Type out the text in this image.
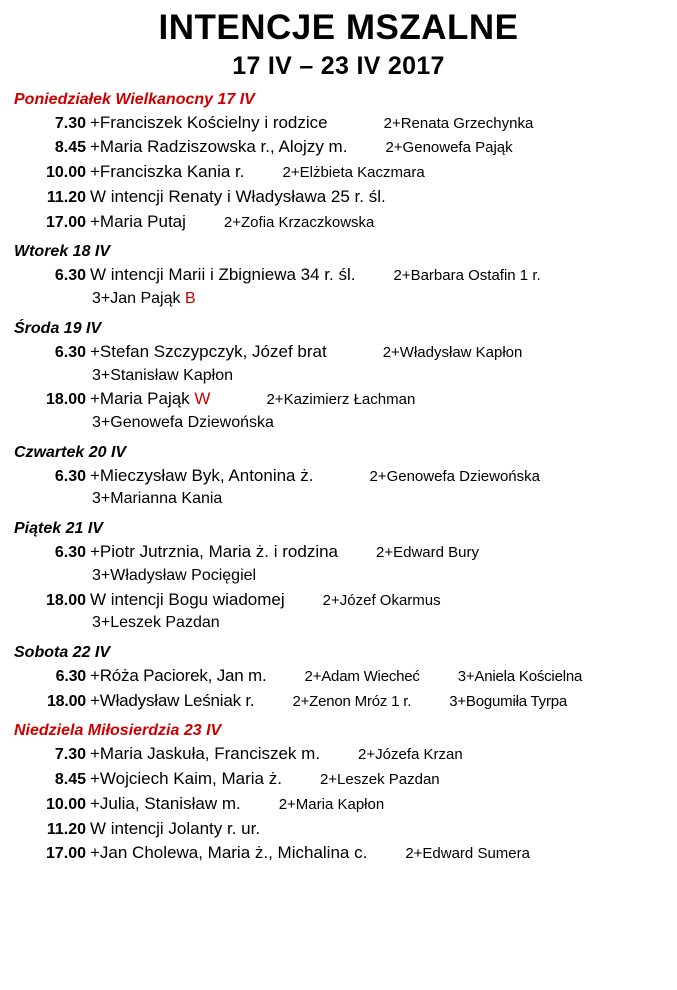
INTENCJE MSZALNE
17 IV – 23 IV 2017
Poniedziałek Wielkanocny 17 IV
7.30 +Franciszek Kościelny i rodzice	2+Renata Grzechynka
8.45 +Maria Radziszowska r., Alojzy m.	2+Genowefa Pająk
10.00 +Franciszka Kania r.	2+Elżbieta Kaczmara
11.20 W intencji Renaty i Władysława 25 r. śl.
17.00 +Maria Putaj	2+Zofia Krzaczkowska
Wtorek 18 IV
6.30 W intencji Marii i Zbigniewa 34 r. śl.	2+Barbara Ostafin 1 r.
3+Jan Pająk B
Środa 19 IV
6.30 +Stefan Szczypczyk, Józef brat	2+Władysław Kapłon
3+Stanisław Kapłon
18.00 +Maria Pająk W	2+Kazimierz Łachman
3+Genowefa Dziewońska
Czwartek 20 IV
6.30 +Mieczysław Byk, Antonina ż.	2+Genowefa Dziewońska
3+Marianna Kania
Piątek 21 IV
6.30 +Piotr Jutrznia, Maria ż. i rodzina	2+Edward Bury
3+Władysław Pocięgiel
18.00 W intencji Bogu wiadomej	2+Józef Okarmus
3+Leszek Pazdan
Sobota 22 IV
6.30 +Róża Paciorek, Jan m.	2+Adam Wiecheć	3+Aniela Kościelna
18.00 +Władysław Leśniak r.	2+Zenon Mróz 1 r.	3+Bogumiła Tyrpa
Niedziela Miłosierdzia 23 IV
7.30 +Maria Jaskuła, Franciszek m.	2+Józefa Krzan
8.45 +Wojciech Kaim, Maria ż.	2+Leszek Pazdan
10.00 +Julia, Stanisław m.	2+Maria Kapłon
11.20 W intencji Jolanty r. ur.
17.00 +Jan Cholewa, Maria ż., Michalina c.	2+Edward Sumera
